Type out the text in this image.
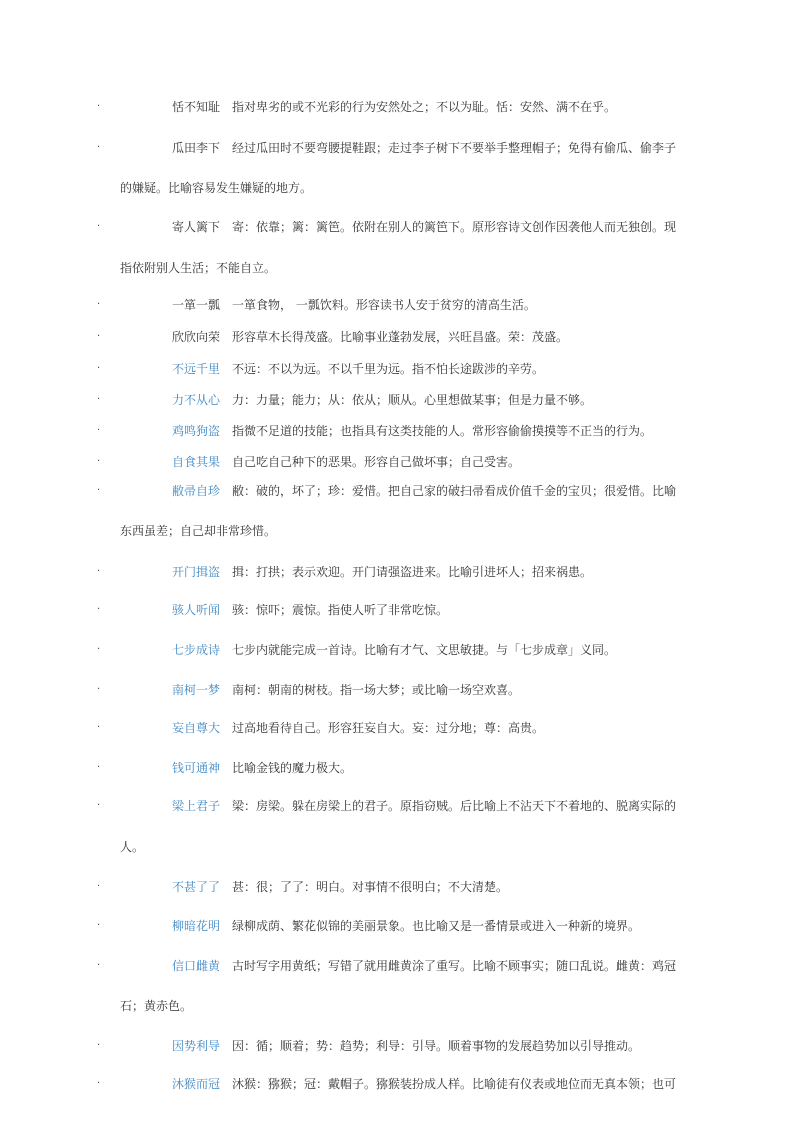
·	恬不知耻 指对卑劣的或不光彩的行为安然处之；不以为耻。恬：安然、满不在乎。
·	瓜田李下 经过瓜田时不要弯腰提鞋跟；走过李子树下不要举手整理帽子；免得有偷瓜、偷李子
的嫌疑。比喻容易发生嫌疑的地方。
·	寄人篱下 寄：依靠；篱：篱笆。依附在别人的篱笆下。原形容诗文创作因袭他人而无独创。现
指依附别人生活；不能自立。
·	一箪一瓢 一箪食物， 一瓢饮料。形容读书人安于贫穷的清高生活。
·	欣欣向荣 形容草木长得茂盛。比喻事业蓬勃发展，兴旺昌盛。荣：茂盛。
·	不远千里 不远：不以为远。不以千里为远。指不怕长途跋涉的辛劳。
·	力不从心 力：力量；能力；从：依从；顺从。心里想做某事；但是力量不够。
·	鸡鸣狗盗 指微不足道的技能；也指具有这类技能的人。常形容偷偷摸摸等不正当的行为。
·	自食其果 自己吃自己种下的恶果。形容自己做坏事；自己受害。
·	敝帚自珍 敝：破的，坏了；珍：爱惜。把自己家的破扫帚看成价值千金的宝贝；很爱惜。比喻
东西虽差；自己却非常珍惜。
·	开门揖盗 揖：打拱；表示欢迎。开门请强盗进来。比喻引进坏人；招来祸患。
·	骇人听闻 骇：惊吓；震惊。指使人听了非常吃惊。
·	七步成诗 七步内就能完成一首诗。比喻有才气、文思敏捷。与「七步成章」义同。
·	南柯一梦 南柯：朝南的树枝。指一场大梦；或比喻一场空欢喜。
·	妄自尊大 过高地看待自己。形容狂妄自大。妄：过分地；尊：高贵。
·	钱可通神 比喻金钱的魔力极大。
·	梁上君子 梁：房梁。躲在房梁上的君子。原指窃贼。后比喻上不沾天下不着地的、脱离实际的
人。
·	不甚了了 甚：很；了了：明白。对事情不很明白；不大清楚。
·	柳暗花明 绿柳成荫、繁花似锦的美丽景象。也比喻又是一番情景或进入一种新的境界。
·	信口雌黄 古时写字用黄纸；写错了就用雌黄涂了重写。比喻不顾事实；随口乱说。雌黄：鸡冠
石；黄赤色。
·	因势利导 因：循；顺着；势：趋势；利导：引导。顺着事物的发展趋势加以引导推动。
·	沐猴而冠 沐猴：猕猴；冠：戴帽子。猕猴装扮成人样。比喻徒有仪表或地位而无真本领；也可
